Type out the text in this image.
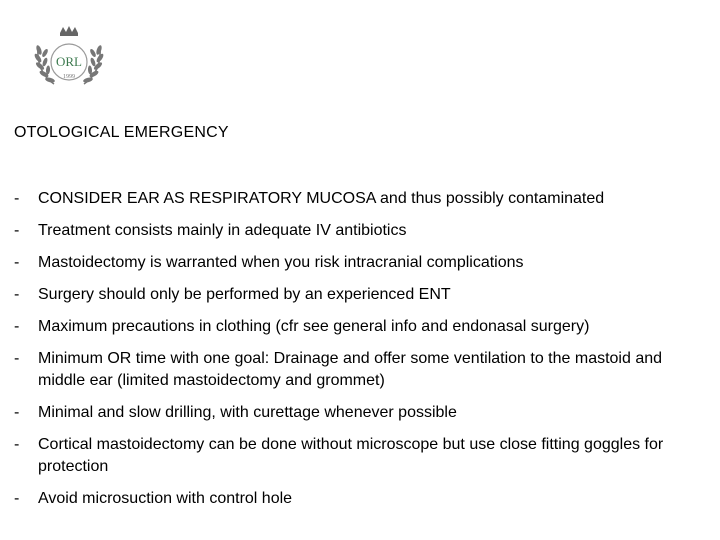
ORL
1999
OTOLOGICAL EMERGENCY
- CONSIDER EAR AS RESPIRATORY MUCOSA and thus possibly contaminated
- Treatment consists mainly in adequate IV antibiotics
- Mastoidectomy is warranted when you risk intracranial complications
- Surgery should only be performed by an experienced ENT
- Maximum precautions in clothing (cfr see general info and endonasal surgery)
- Minimum OR time with one goal: Drainage and offer some ventilation to the mastoid and middle ear (limited mastoidectomy and grommet)
- Minimal and slow drilling, with curettage whenever possible
- Cortical mastoidectomy can be done without microscope but use close fitting goggles for protection
- Avoid microsuction with control hole
